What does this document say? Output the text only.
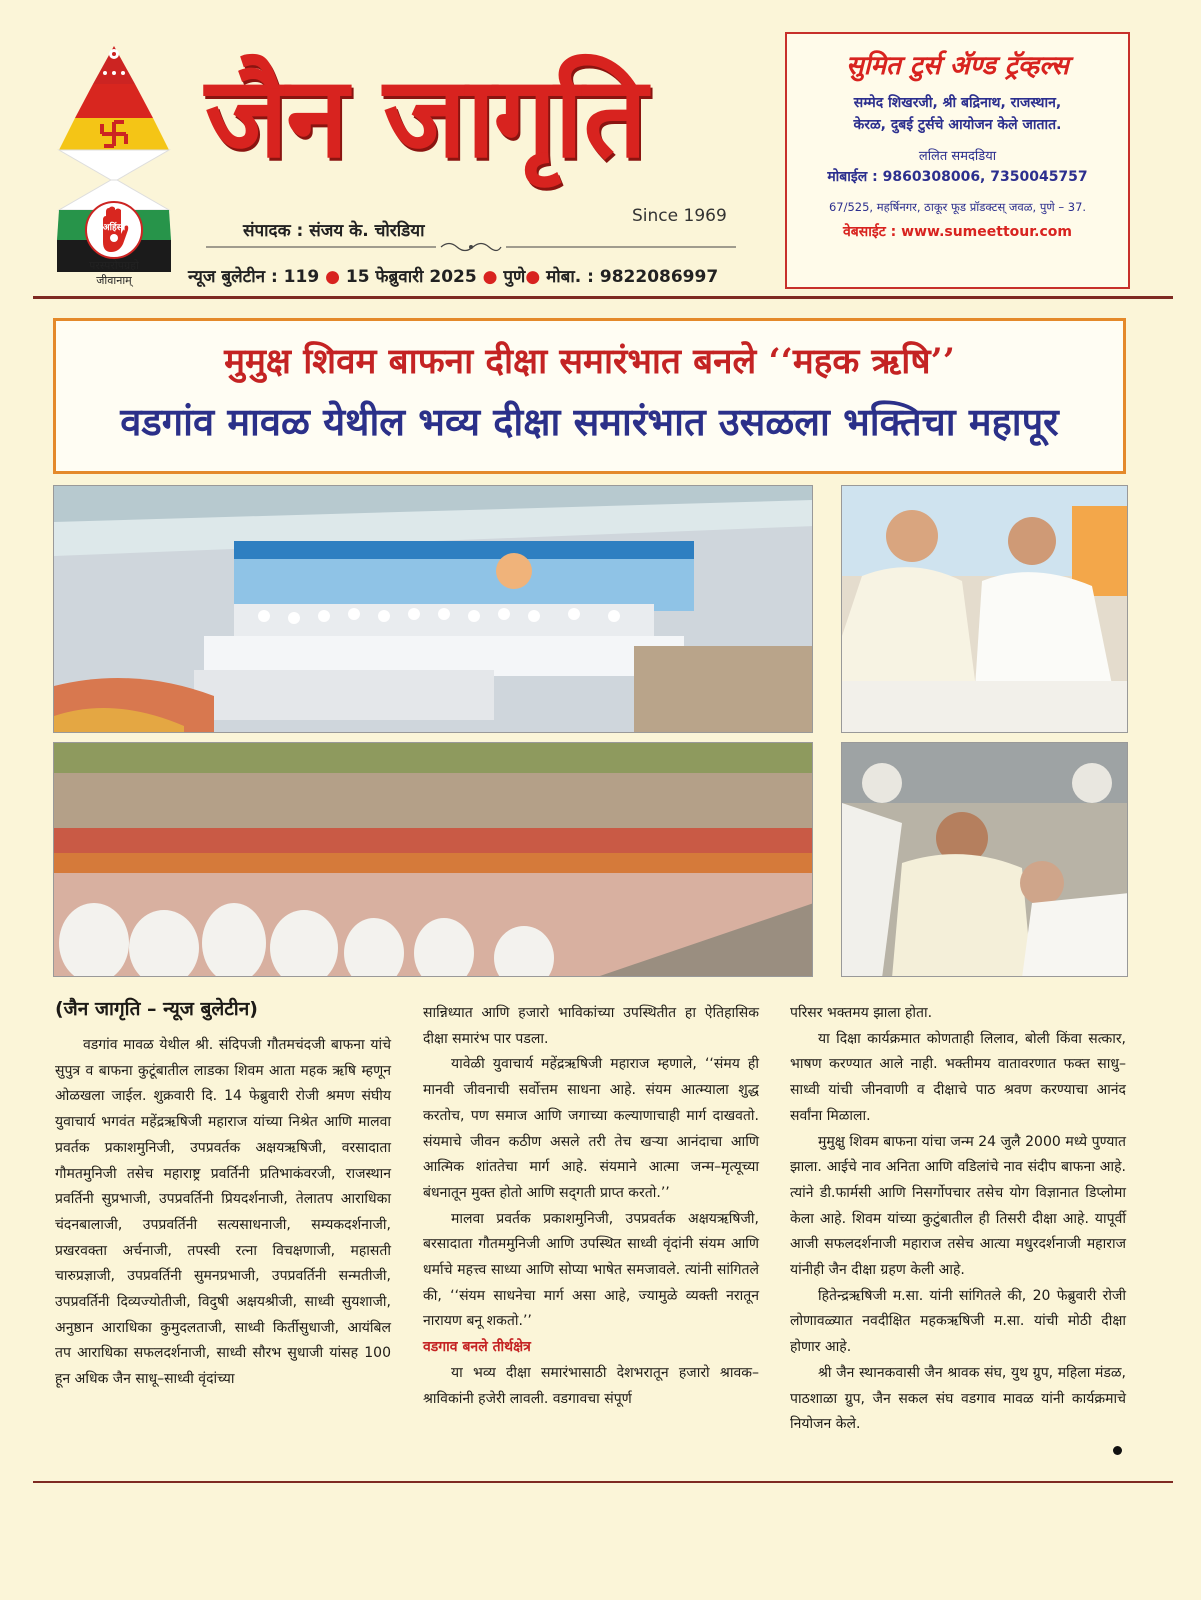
अहिंसा
परस्परोपग्रहो
जीवानाम्
जैन जागृति
Since 1969
संपादक : संजय के. चोरडिया
न्यूज बुलेटीन : 119 ● 15 फेब्रुवारी 2025 ● पुणे● मोबा. : 9822086997
सुमित टुर्स ॲण्ड ट्रॅव्हल्स
सम्मेद शिखरजी, श्री बद्रिनाथ, राजस्थान,
केरळ, दुबई टुर्सचे आयोजन केले जातात.
ललित समदडिया
मोबाईल : 9860308006, 7350045757
67/525, महर्षिनगर, ठाकूर फूड प्रॉडक्टस् जवळ, पुणे – 37.
वेबसाईट : www.sumeettour.com
मुमुक्ष शिवम बाफना दीक्षा समारंभात बनले ‘‘महक ऋषि’’
वडगांव मावळ येथील भव्य दीक्षा समारंभात उसळला भक्तिचा महापूर
(जैन जागृति – न्यूज बुलेटीन)

वडगांव मावळ येथील श्री. संदिपजी गौतमचंदजी बाफना यांचे सुपुत्र व बाफना कुटूंबातील लाडका शिवम आता महक ऋषि म्हणून ओळखला जाईल. शुक्रवारी दि. 14 फेब्रुवारी रोजी श्रमण संघीय युवाचार्य भगवंत महेंद्रऋषिजी महाराज यांच्या निश्रेत आणि मालवा प्रवर्तक प्रकाशमुनिजी, उपप्रवर्तक अक्षयऋषिजी, वरसादाता गौमतमुनिजी तसेच महाराष्ट्र प्रवर्तिनी प्रतिभाकंवरजी, राजस्थान प्रवर्तिनी सुप्रभाजी, उपप्रवर्तिनी प्रियदर्शनाजी, तेलातप आराधिका चंदनबालाजी, उपप्रवर्तिनी सत्यसाधनाजी, सम्यकदर्शनाजी, प्रखरवक्ता अर्चनाजी, तपस्वी रत्ना विचक्षणाजी, महासती चारुप्रज्ञाजी, उपप्रवर्तिनी सुमनप्रभाजी, उपप्रवर्तिनी सन्मतीजी, उपप्रवर्तिनी दिव्यज्योतीजी, विदुषी अक्षयश्रीजी, साध्वी सुयशाजी, अनुष्ठान आराधिका कुमुदलताजी, साध्वी किर्तीसुधाजी, आयंबिल तप आराधिका सफलदर्शनाजी, साध्वी सौरभ सुधाजी यांसह 100 हून अधिक जैन साधू–साध्वी वृंदांच्या

सान्निध्यात आणि हजारो भाविकांच्या उपस्थितीत हा ऐतिहासिक दीक्षा समारंभ पार पडला.

यावेळी युवाचार्य महेंद्रऋषिजी महाराज म्हणाले, ‘‘संमय ही मानवी जीवनाची सर्वोत्तम साधना आहे. संयम आत्म्याला शुद्ध करतोच, पण समाज आणि जगाच्या कल्याणाचाही मार्ग दाखवतो. संयमाचे जीवन कठीण असले तरी तेच खऱ्या आनंदाचा आणि आत्मिक शांततेचा मार्ग आहे. संयमाने आत्मा जन्म–मृत्यूच्या बंधनातून मुक्त होतो आणि सद्‌गती प्राप्त करतो.’’

मालवा प्रवर्तक प्रकाशमुनिजी, उपप्रवर्तक अक्षयऋषिजी, बरसादाता गौतममुनिजी आणि उपस्थित साध्वी वृंदांनी संयम आणि धर्माचे महत्त्व साध्या आणि सोप्या भाषेत समजावले. त्यांनी सांगितले की, ‘‘संयम साधनेचा मार्ग असा आहे, ज्यामुळे व्यक्ती नरातून नारायण बनू शकतो.’’

वडगाव बनले तीर्थक्षेत्र

या भव्य दीक्षा समारंभासाठी देशभरातून हजारो श्रावक–श्राविकांनी हजेरी लावली. वडगावचा संपूर्ण

परिसर भक्तमय झाला होता.

या दिक्षा कार्यक्रमात कोणताही लिलाव, बोली किंवा सत्कार, भाषण करण्यात आले नाही. भक्तीमय वातावरणात फक्त साधु–साध्वी यांची जीनवाणी व दीक्षाचे पाठ श्रवण करण्याचा आनंद सर्वांना मिळाला.

मुमुक्षु शिवम बाफना यांचा जन्म 24 जुलै 2000 मध्ये पुण्यात झाला. आईचे नाव अनिता आणि वडिलांचे नाव संदीप बाफना आहे. त्यांने डी.फार्मसी आणि निसर्गोपचार तसेच योग विज्ञानात डिप्लोमा केला आहे. शिवम यांच्या कुटुंबातील ही तिसरी दीक्षा आहे. यापूर्वी आजी सफलदर्शनाजी महाराज तसेच आत्या मधुरदर्शनाजी महाराज यांनीही जैन दीक्षा ग्रहण केली आहे.

हितेन्द्रऋषिजी म.सा. यांनी सांगितले की, 20 फेब्रुवारी रोजी लोणावळ्यात नवदीक्षित महकऋषिजी म.सा. यांची मोठी दीक्षा होणार आहे.

श्री जैन स्थानकवासी जैन श्रावक संघ, युथ ग्रुप, महिला मंडळ, पाठशाळा ग्रुप, जैन सकल संघ वडगाव मावळ यांनी कार्यक्रमाचे नियोजन केले.
